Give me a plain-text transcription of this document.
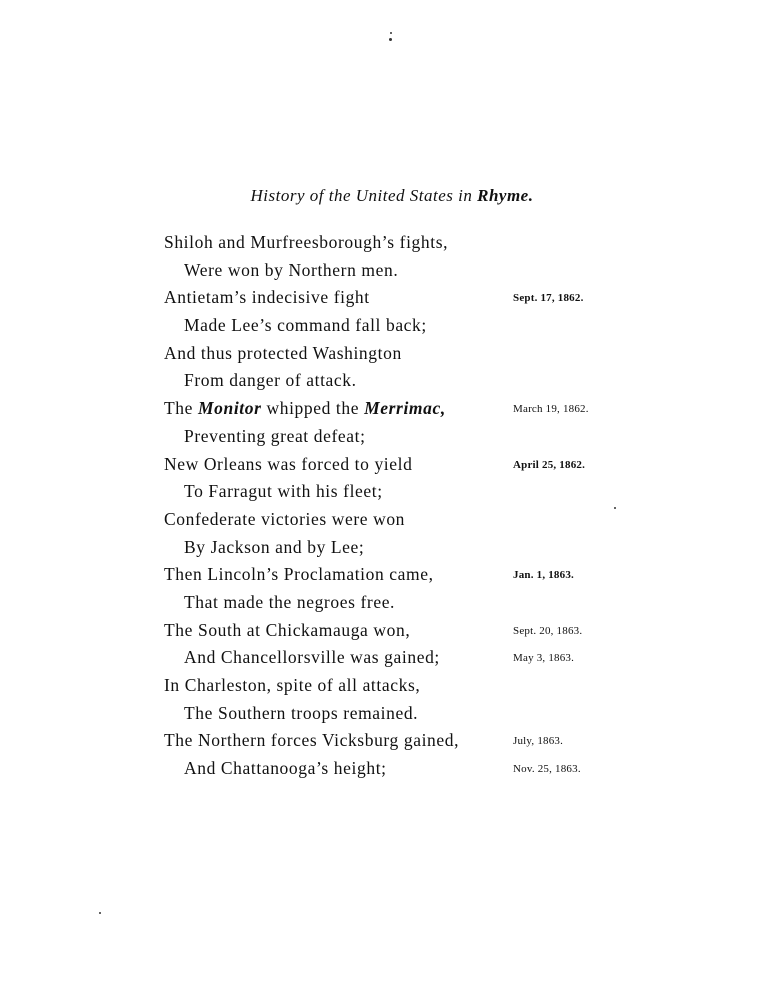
History of the United States in Rhyme.
Shiloh and Murfreesborough’s fights,
Were won by Northern men.
Antietam’s indecisive fight	Sept. 17, 1862.
Made Lee’s command fall back;
And thus protected Washington
From danger of attack.
The Monitor whipped the Merrimac,	March 19, 1862.
Preventing great defeat;
New Orleans was forced to yield	April 25, 1862.
To Farragut with his fleet;
Confederate victories were won
By Jackson and by Lee;
Then Lincoln’s Proclamation came,	Jan. 1, 1863.
That made the negroes free.
The South at Chickamauga won,	Sept. 20, 1863.
And Chancellorsville was gained;	May 3, 1863.
In Charleston, spite of all attacks,
The Southern troops remained.
The Northern forces Vicksburg gained,	July, 1863.
And Chattanooga’s height;	Nov. 25, 1863.
